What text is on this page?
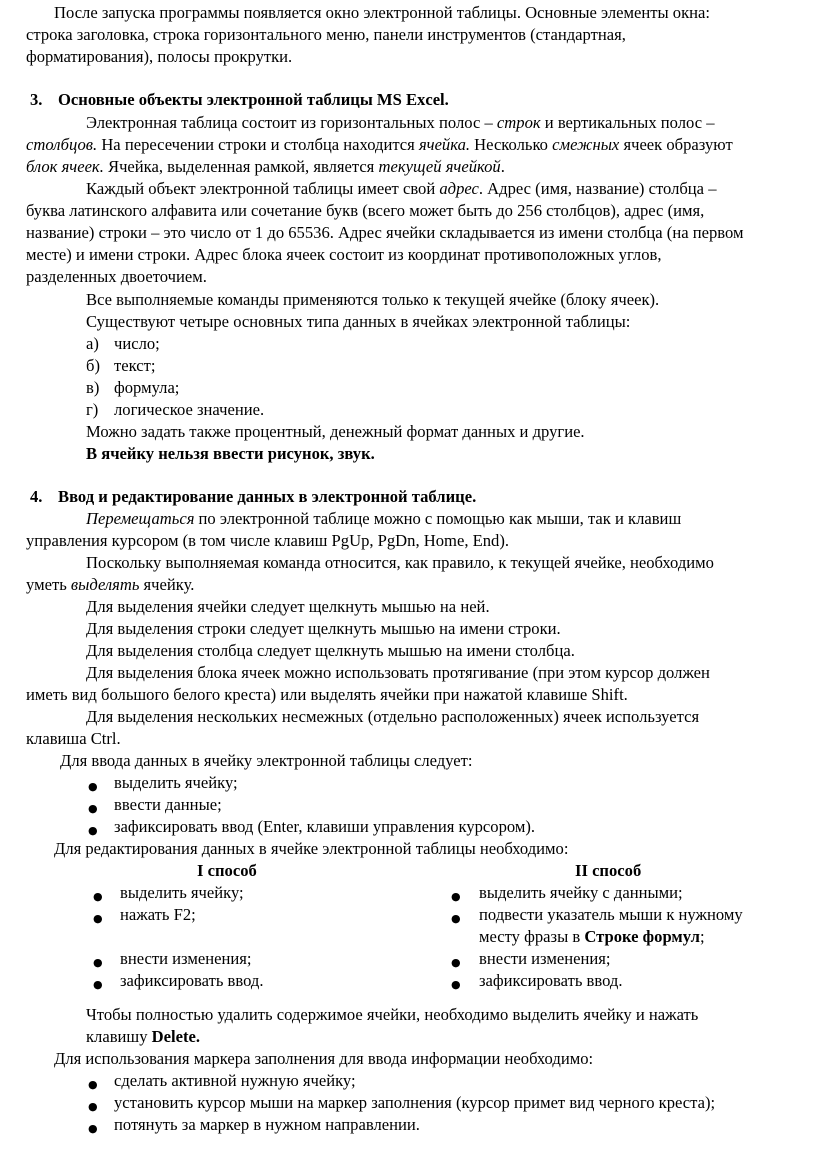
После запуска программы появляется окно электронной таблицы. Основные элементы окна:
строка заголовка, строка горизонтального меню, панели инструментов (стандартная,
форматирования), полосы прокрутки.
3. Основные объекты электронной таблицы MS Excel.
Электронная таблица состоит из горизонтальных полос – строк и вертикальных полос –
столбцов. На пересечении строки и столбца находится ячейка. Несколько смежных ячеек образуют
блок ячеек. Ячейка, выделенная рамкой, является текущей ячейкой.
Каждый объект электронной таблицы имеет свой адрес. Адрес (имя, название) столбца –
буква латинского алфавита или сочетание букв (всего может быть до 256 столбцов), адрес (имя,
название) строки – это число от 1 до 65536. Адрес ячейки складывается из имени столбца (на первом
месте) и имени строки. Адрес блока ячеек состоит из координат противоположных углов,
разделенных двоеточием.
Все выполняемые команды применяются только к текущей ячейке (блоку ячеек).
Существуют четыре основных типа данных в ячейках электронной таблицы:
а) число;
б) текст;
в) формула;
г) логическое значение.
Можно задать также процентный, денежный формат данных и другие.
В ячейку нельзя ввести рисунок, звук.
4. Ввод и редактирование данных в электронной таблице.
Перемещаться по электронной таблице можно с помощью как мыши, так и клавиш
управления курсором (в том числе клавиш PgUp, PgDn, Home, End).
Поскольку выполняемая команда относится, как правило, к текущей ячейке, необходимо
уметь выделять ячейку.
Для выделения ячейки следует щелкнуть мышью на ней.
Для выделения строки следует щелкнуть мышью на имени строки.
Для выделения столбца следует щелкнуть мышью на имени столбца.
Для выделения блока ячеек можно использовать протягивание (при этом курсор должен
иметь вид большого белого креста) или выделять ячейки при нажатой клавише Shift.
Для выделения нескольких несмежных (отдельно расположенных) ячеек используется
клавиша Ctrl.
Для ввода данных в ячейку электронной таблицы следует:
● выделить ячейку;
● ввести данные;
● зафиксировать ввод (Enter, клавиши управления курсором).
Для редактирования данных в ячейке электронной таблицы необходимо:
I способ	II способ
● выделить ячейку;
● нажать F2;
● внести изменения;
● зафиксировать ввод.
● выделить ячейку с данными;
● подвести указатель мыши к нужному
месту фразы в Строке формул;
● внести изменения;
● зафиксировать ввод.
Чтобы полностью удалить содержимое ячейки, необходимо выделить ячейку и нажать
клавишу Delete.
Для использования маркера заполнения для ввода информации необходимо:
● сделать активной нужную ячейку;
● установить курсор мыши на маркер заполнения (курсор примет вид черного креста);
● потянуть за маркер в нужном направлении.
